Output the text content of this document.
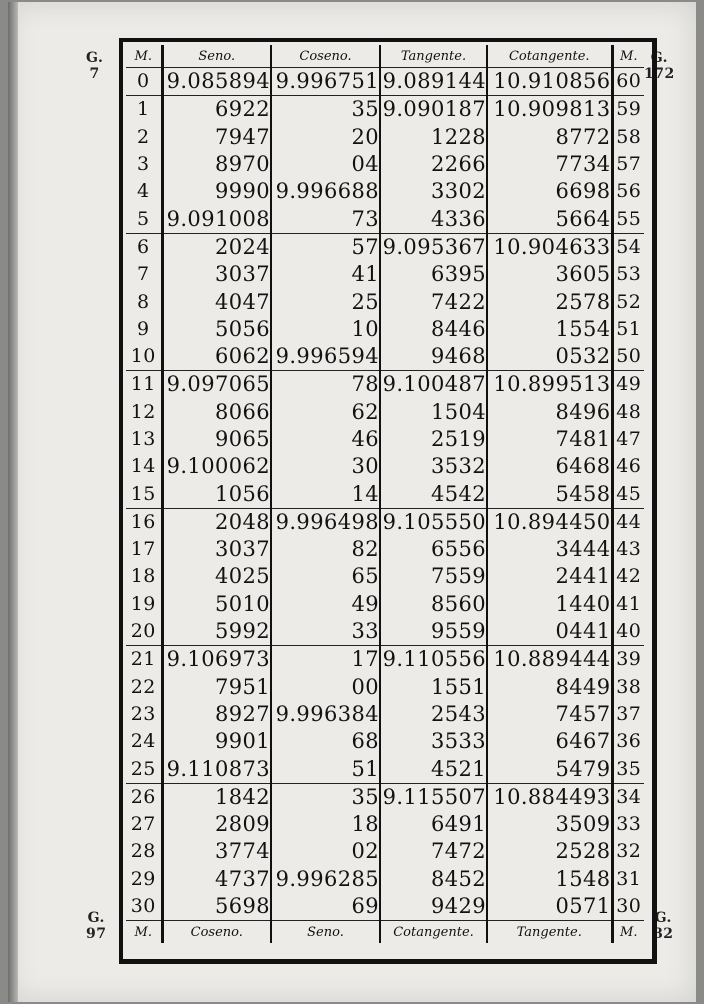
G.
7
G.
172
G.
97
G.
82
M.	Seno.	Coseno.	Tangente.	Cotangente.	M.
0	9.085894	9.996751	9.089144	10.910856	60
1	6922	35	9.090187	10.909813	59
2	7947	20	1228	8772	58
3	8970	04	2266	7734	57
4	9990	9.996688	3302	6698	56
5	9.091008	73	4336	5664	55
6	2024	57	9.095367	10.904633	54
7	3037	41	6395	3605	53
8	4047	25	7422	2578	52
9	5056	10	8446	1554	51
10	6062	9.996594	9468	0532	50
11	9.097065	78	9.100487	10.899513	49
12	8066	62	1504	8496	48
13	9065	46	2519	7481	47
14	9.100062	30	3532	6468	46
15	1056	14	4542	5458	45
16	2048	9.996498	9.105550	10.894450	44
17	3037	82	6556	3444	43
18	4025	65	7559	2441	42
19	5010	49	8560	1440	41
20	5992	33	9559	0441	40
21	9.106973	17	9.110556	10.889444	39
22	7951	00	1551	8449	38
23	8927	9.996384	2543	7457	37
24	9901	68	3533	6467	36
25	9.110873	51	4521	5479	35
26	1842	35	9.115507	10.884493	34
27	2809	18	6491	3509	33
28	3774	02	7472	2528	32
29	4737	9.996285	8452	1548	31
30	5698	69	9429	0571	30
M.	Coseno.	Seno.	Cotangente.	Tangente.	M.
